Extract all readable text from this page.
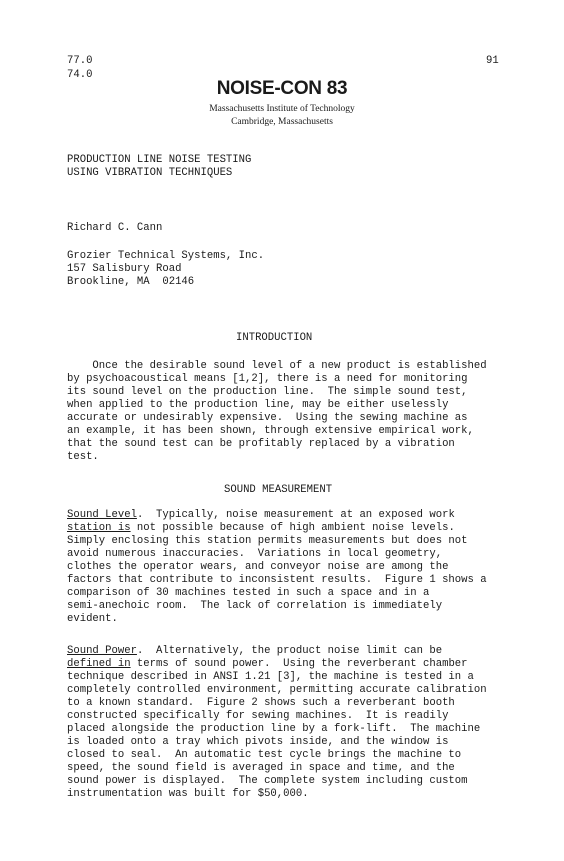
77.0
74.0
91
NOISE-CON 83
Massachusetts Institute of Technology
Cambridge, Massachusetts
PRODUCTION LINE NOISE TESTING
USING VIBRATION TECHNIQUES
Richard C. Cann
Grozier Technical Systems, Inc.
157 Salisbury Road
Brookline, MA  02146
INTRODUCTION
Once the desirable sound level of a new product is established
by psychoacoustical means [1,2], there is a need for monitoring
its sound level on the production line.  The simple sound test,
when applied to the production line, may be either uselessly
accurate or undesirably expensive.  Using the sewing machine as
an example, it has been shown, through extensive empirical work,
that the sound test can be profitably replaced by a vibration
test.
SOUND MEASUREMENT
Sound Level.  Typically, noise measurement at an exposed work
station is not possible because of high ambient noise levels.
Simply enclosing this station permits measurements but does not
avoid numerous inaccuracies.  Variations in local geometry,
clothes the operator wears, and conveyor noise are among the
factors that contribute to inconsistent results.  Figure 1 shows a
comparison of 30 machines tested in such a space and in a
semi-anechoic room.  The lack of correlation is immediately
evident.
Sound Power.  Alternatively, the product noise limit can be
defined in terms of sound power.  Using the reverberant chamber
technique described in ANSI 1.21 [3], the machine is tested in a
completely controlled environment, permitting accurate calibration
to a known standard.  Figure 2 shows such a reverberant booth
constructed specifically for sewing machines.  It is readily
placed alongside the production line by a fork-lift.  The machine
is loaded onto a tray which pivots inside, and the window is
closed to seal.  An automatic test cycle brings the machine to
speed, the sound field is averaged in space and time, and the
sound power is displayed.  The complete system including custom
instrumentation was built for $50,000.
